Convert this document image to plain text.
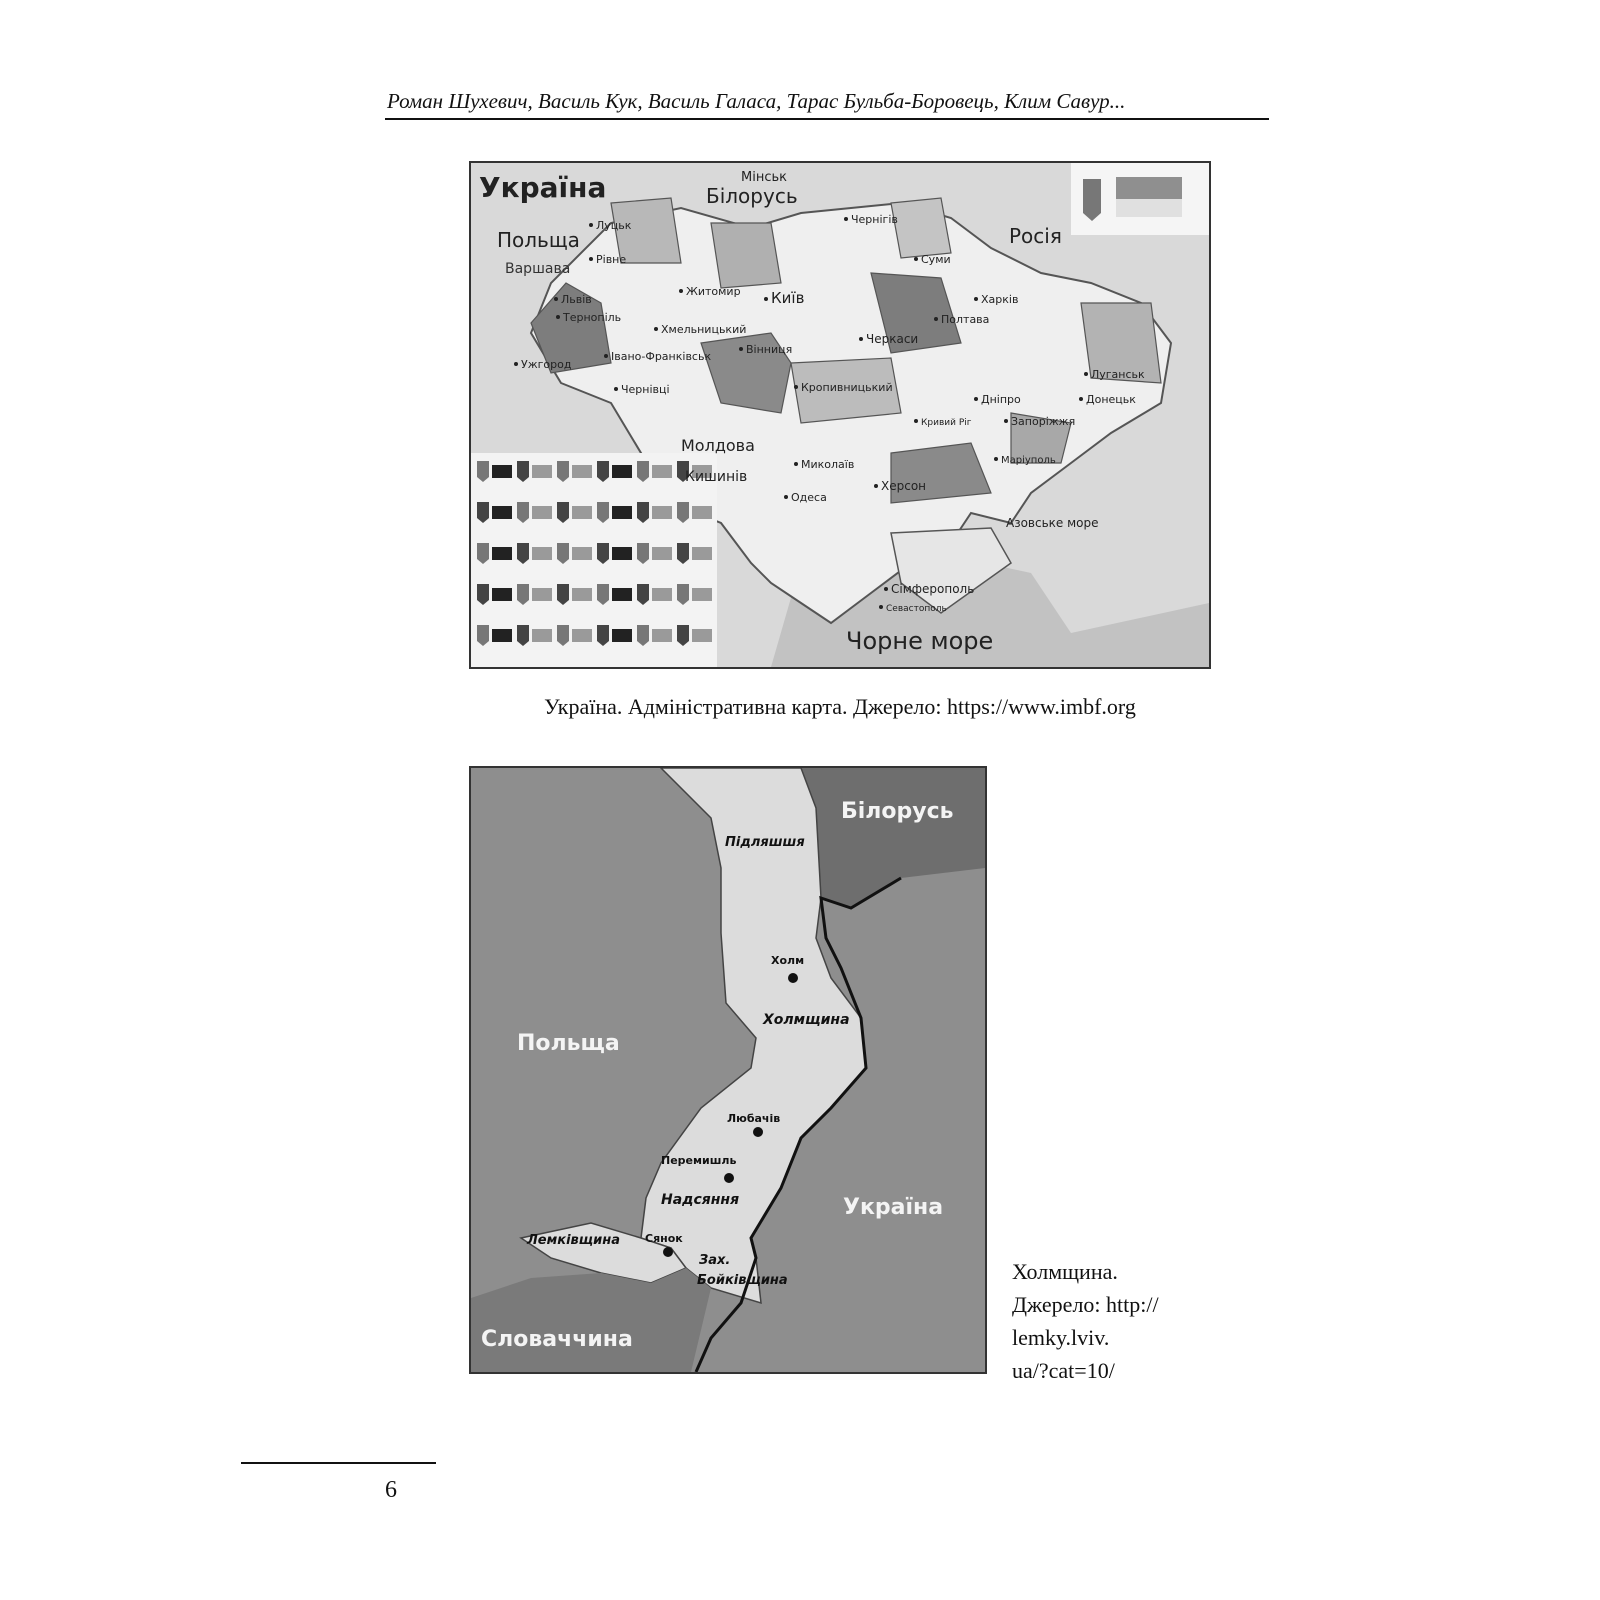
Роман Шухевич, Василь Кук, Василь Галаса, Тарас Бульба-Боровець, Клим Савур...
Україна	Мінськ
Білорусь
Польща
Варшава
Росія
Молдова
Кишинів
Чорне море
Азовське море
Київ
Чернігів
Суми
Житомир
Рівне
Луцьк
Львів
Тернопіль
Хмельницький
Вінниця
Івано-Франківськ
Ужгород
Чернівці
Черкаси
Полтава
Харків
Луганськ
Донецьк
Дніпро
Запоріжжя
Кропивницький
Миколаїв
Одеса
Херсон
Сімферополь
Севастополь
Кривий Ріг
Маріуполь
Україна. Адміністративна карта. Джерело: https://www.imbf.org
Білорусь
Польща
Україна
Словаччина
Підляшшя
Холмщина
Надсяння
Лемківщина
Зах.
Бойківщина
Холм
Любачів
Перемишль
Сянок
Холмщина.
Джерело: http://
lemky.lviv.
ua/?cat=10/
6
